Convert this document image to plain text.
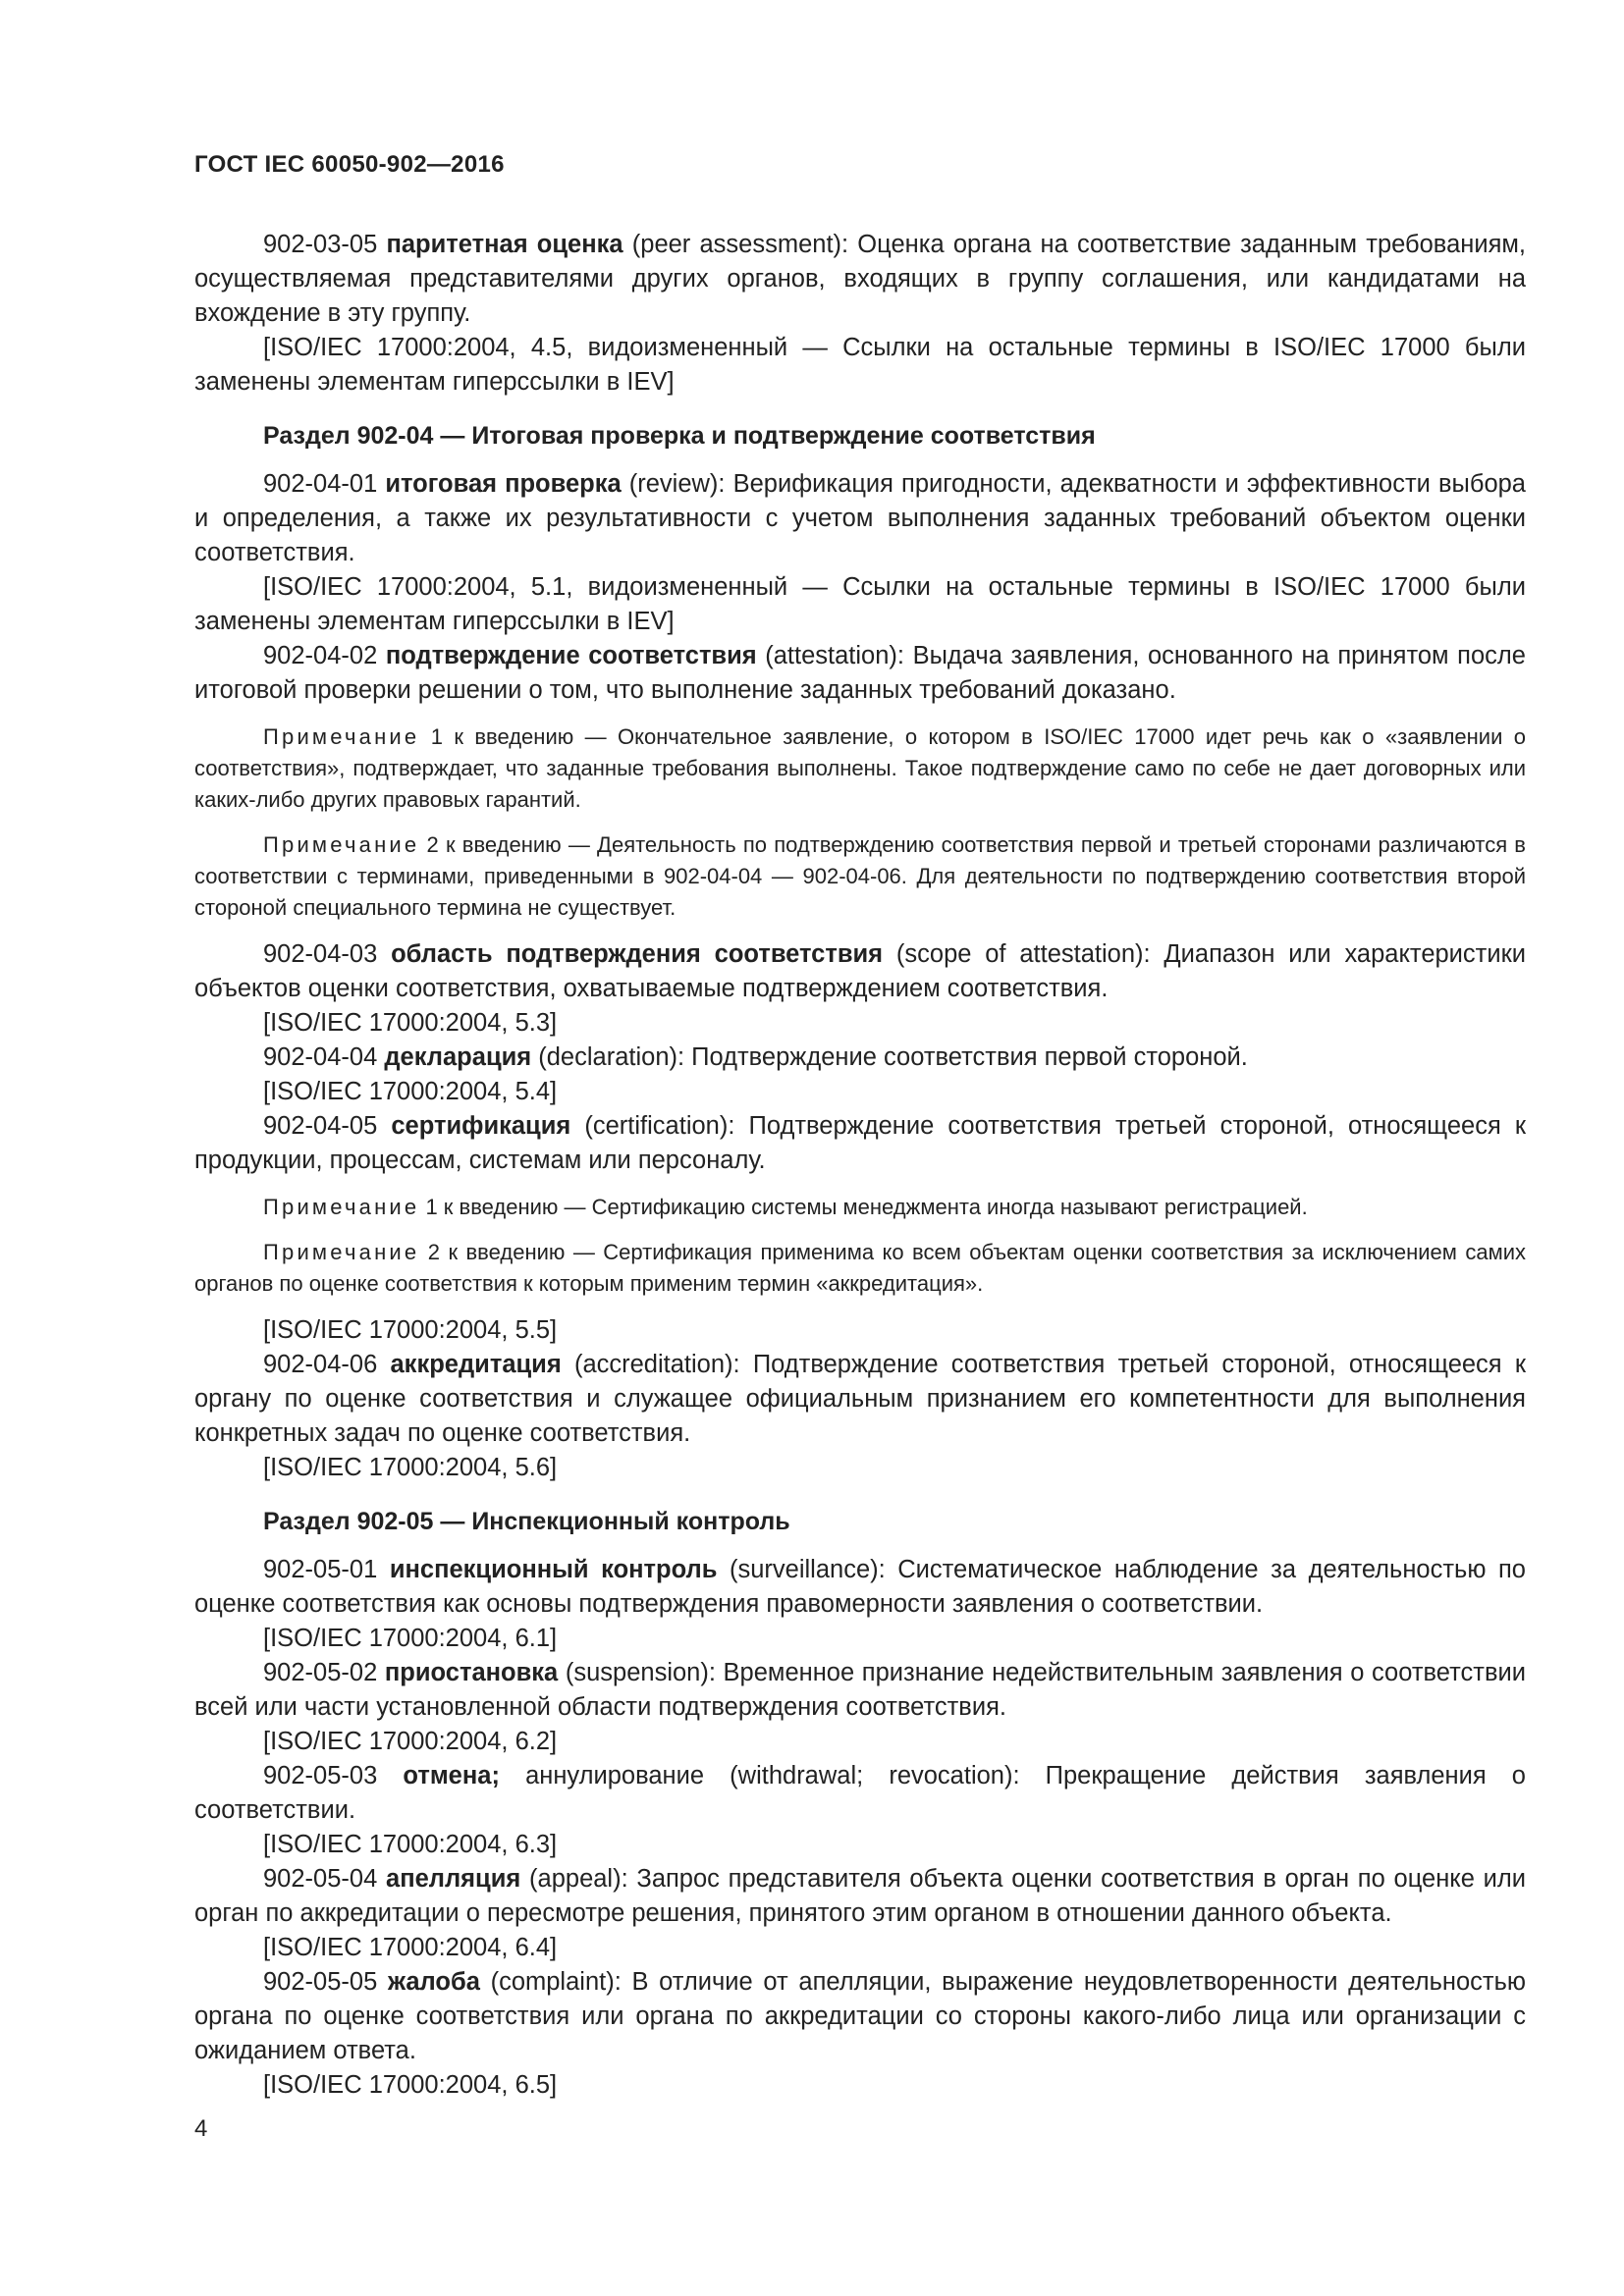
ГОСТ IEC 60050-902—2016

902-03-05 паритетная оценка (peer assessment): Оценка органа на соответствие заданным требованиям, осуществляемая представителями других органов, входящих в группу соглашения, или кандидатами на вхождение в эту группу.

[ISO/IEC 17000:2004, 4.5, видоизмененный — Ссылки на остальные термины в ISO/IEC 17000 были заменены элементам гиперссылки в IEV]

Раздел 902-04 — Итоговая проверка и подтверждение соответствия

902-04-01 итоговая проверка (review): Верификация пригодности, адекватности и эффективности выбора и определения, а также их результативности с учетом выполнения заданных требований объектом оценки соответствия.

[ISO/IEC 17000:2004, 5.1, видоизмененный — Ссылки на остальные термины в ISO/IEC 17000 были заменены элементам гиперссылки в IEV]

902-04-02 подтверждение соответствия (attestation): Выдача заявления, основанного на принятом после итоговой проверки решении о том, что выполнение заданных требований доказано.

Примечание 1 к введению — Окончательное заявление, о котором в ISO/IEC 17000 идет речь как о «заявлении о соответствия», подтверждает, что заданные требования выполнены. Такое подтверждение само по себе не дает договорных или каких-либо других правовых гарантий.

Примечание 2 к введению — Деятельность по подтверждению соответствия первой и третьей сторонами различаются в соответствии с терминами, приведенными в 902-04-04 — 902-04-06. Для деятельности по подтверждению соответствия второй стороной специального термина не существует.

902-04-03 область подтверждения соответствия (scope of attestation): Диапазон или характеристики объектов оценки соответствия, охватываемые подтверждением соответствия.

[ISO/IEC 17000:2004, 5.3]

902-04-04 декларация (declaration): Подтверждение соответствия первой стороной.

[ISO/IEC 17000:2004, 5.4]

902-04-05 сертификация (certification): Подтверждение соответствия третьей стороной, относящееся к продукции, процессам, системам или персоналу.

Примечание 1 к введению — Сертификацию системы менеджмента иногда называют регистрацией.

Примечание 2 к введению — Сертификация применима ко всем объектам оценки соответствия за исключением самих органов по оценке соответствия к которым применим термин «аккредитация».

[ISO/IEC 17000:2004, 5.5]

902-04-06 аккредитация (accreditation): Подтверждение соответствия третьей стороной, относящееся к органу по оценке соответствия и служащее официальным признанием его компетентности для выполнения конкретных задач по оценке соответствия.

[ISO/IEC 17000:2004, 5.6]

Раздел 902-05 — Инспекционный контроль

902-05-01 инспекционный контроль (surveillance): Систематическое наблюдение за деятельностью по оценке соответствия как основы подтверждения правомерности заявления о соответствии.

[ISO/IEC 17000:2004, 6.1]

902-05-02 приостановка (suspension): Временное признание недействительным заявления о соответствии всей или части установленной области подтверждения соответствия.

[ISO/IEC 17000:2004, 6.2]

902-05-03 отмена; аннулирование (withdrawal; revocation): Прекращение действия заявления о соответствии.

[ISO/IEC 17000:2004, 6.3]

902-05-04 апелляция (appeal): Запрос представителя объекта оценки соответствия в орган по оценке или орган по аккредитации о пересмотре решения, принятого этим органом в отношении данного объекта.

[ISO/IEC 17000:2004, 6.4]

902-05-05 жалоба (complaint): В отличие от апелляции, выражение неудовлетворенности деятельностью органа по оценке соответствия или органа по аккредитации со стороны какого-либо лица или организации с ожиданием ответа.

[ISO/IEC 17000:2004, 6.5]

4
